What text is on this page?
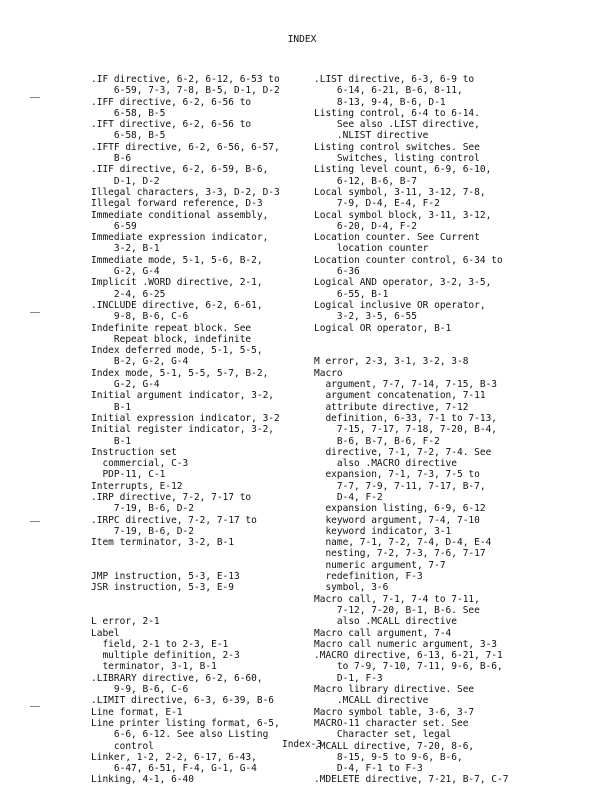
INDEX
.IF directive, 6-2, 6-12, 6-53 to
6-59, 7-3, 7-8, B-5, D-1, D-2
.IFF directive, 6-2, 6-56 to
6-58, B-5
.IFT directive, 6-2, 6-56 to
6-58, B-5
.IFTF directive, 6-2, 6-56, 6-57,
B-6
.IIF directive, 6-2, 6-59, B-6,
D-1, D-2
Illegal characters, 3-3, D-2, D-3
Illegal forward reference, D-3
Immediate conditional assembly,
6-59
Immediate expression indicator,
3-2, B-1
Immediate mode, 5-1, 5-6, B-2,
G-2, G-4
Implicit .WORD directive, 2-1,
2-4, 6-25
.INCLUDE directive, 6-2, 6-61,
9-8, B-6, C-6
Indefinite repeat block. See
Repeat block, indefinite
Index deferred mode, 5-1, 5-5,
B-2, G-2, G-4
Index mode, 5-1, 5-5, 5-7, B-2,
G-2, G-4
Initial argument indicator, 3-2,
B-1
Initial expression indicator, 3-2
Initial register indicator, 3-2,
B-1
Instruction set
commercial, C-3
PDP-11, C-1
Interrupts, E-12
.IRP directive, 7-2, 7-17 to
7-19, B-6, D-2
.IRPC directive, 7-2, 7-17 to
7-19, B-6, D-2
Item terminator, 3-2, B-1
JMP instruction, 5-3, E-13
JSR instruction, 5-3, E-9
L error, 2-1
Label
field, 2-1 to 2-3, E-1
multiple definition, 2-3
terminator, 3-1, B-1
.LIBRARY directive, 6-2, 6-60,
9-9, B-6, C-6
.LIMIT directive, 6-3, 6-39, B-6
Line format, E-1
Line printer listing format, 6-5,
6-6, 6-12. See also Listing
control
Linker, 1-2, 2-2, 6-17, 6-43,
6-47, 6-51, F-4, G-1, G-4
Linking, 4-1, 6-40
.LIST directive, 6-3, 6-9 to
6-14, 6-21, B-6, 8-11,
8-13, 9-4, B-6, D-1
Listing control, 6-4 to 6-14.
See also .LIST directive,
.NLIST directive
Listing control switches. See
Switches, listing control
Listing level count, 6-9, 6-10,
6-12, B-6, B-7
Local symbol, 3-11, 3-12, 7-8,
7-9, D-4, E-4, F-2
Local symbol block, 3-11, 3-12,
6-20, D-4, F-2
Location counter. See Current
location counter
Location counter control, 6-34 to
6-36
Logical AND operator, 3-2, 3-5,
6-55, B-1
Logical inclusive OR operator,
3-2, 3-5, 6-55
Logical OR operator, B-1
M error, 2-3, 3-1, 3-2, 3-8
Macro
argument, 7-7, 7-14, 7-15, B-3
argument concatenation, 7-11
attribute directive, 7-12
definition, 6-33, 7-1 to 7-13,
7-15, 7-17, 7-18, 7-20, B-4,
B-6, B-7, B-6, F-2
directive, 7-1, 7-2, 7-4. See
also .MACRO directive
expansion, 7-1, 7-3, 7-5 to
7-7, 7-9, 7-11, 7-17, B-7,
D-4, F-2
expansion listing, 6-9, 6-12
keyword argument, 7-4, 7-10
keyword indicator, 3-1
name, 7-1, 7-2, 7-4, D-4, E-4
nesting, 7-2, 7-3, 7-6, 7-17
numeric argument, 7-7
redefinition, F-3
symbol, 3-6
Macro call, 7-1, 7-4 to 7-11,
7-12, 7-20, B-1, B-6. See
also .MCALL directive
Macro call argument, 7-4
Macro call numeric argument, 3-3
.MACRO directive, 6-13, 6-21, 7-1
to 7-9, 7-10, 7-11, 9-6, B-6,
D-1, F-3
Macro library directive. See
.MCALL directive
Macro symbol table, 3-6, 3-7
MACRO-11 character set. See
Character set, legal
.MCALL directive, 7-20, 8-6,
8-15, 9-5 to 9-6, B-6,
D-4, F-1 to F-3
.MDELETE directive, 7-21, B-7, C-7
Index-3
